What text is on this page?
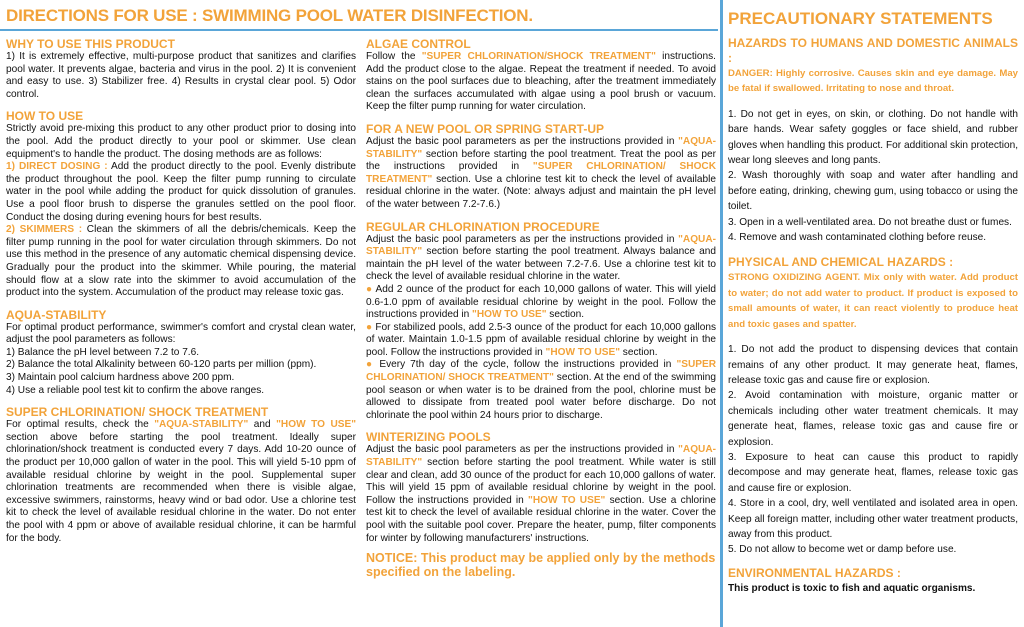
DIRECTIONS FOR USE : SWIMMING POOL WATER DISINFECTION.
WHY TO USE THIS PRODUCT

1) It is extremely effective, multi-purpose product that sanitizes and clarifies pool water. It prevents algae, bacteria and virus in the pool. 2) It is convenient and easy to use. 3) Stabilizer free. 4) Results in crystal clear pool. 5) Odor control.

HOW TO USE

Strictly avoid pre-mixing this product to any other product prior to dosing into the pool. Add the product directly to your pool or skimmer. Use clean equipment's to handle the product. The dosing methods are as follows:

1) DIRECT DOSING : Add the product directly to the pool. Evenly distribute the product throughout the pool. Keep the filter pump running to circulate water in the pool while adding the product for quick dissolution of granules. Use a pool floor brush to disperse the granules settled on the pool floor. Conduct the dosing during evening hours for best results.

2) SKIMMERS : Clean the skimmers of all the debris/chemicals. Keep the filter pump running in the pool for water circulation through skimmers. Do not use this method in the presence of any automatic chemical dispensing device. Gradually pour the product into the skimmer. While pouring, the material should flow at a slow rate into the skimmer to avoid accumulation of the product into the system. Accumulation of the product may release toxic gas.

AQUA-STABILITY

For optimal product performance, swimmer's comfort and crystal clean water, adjust the pool parameters as follows:

1) Balance the pH level between 7.2 to 7.6.

2) Balance the total Alkalinity between 60-120 parts per million (ppm).

3) Maintain pool calcium hardness above 200 ppm.

4) Use a reliable pool test kit to confirm the above ranges.

SUPER CHLORINATION/ SHOCK TREATMENT

For optimal results, check the "AQUA-STABILITY" and "HOW TO USE" section above before starting the pool treatment. Ideally super chlorination/shock treatment is conducted every 7 days. Add 10-20 ounce of the product per 10,000 gallon of water in the pool. This will yield 5-10 ppm of available residual chlorine by weight in the pool. Supplemental super chlorination treatments are recommended when there is visible algae, excessive swimmers, rainstorms, heavy wind or bad odor. Use a chlorine test kit to check the level of available residual chlorine in the water. Do not enter the pool with 4 ppm or above of available residual chlorine, it can be harmful for the body.

ALGAE CONTROL

Follow the "SUPER CHLORINATION/SHOCK TREATMENT" instructions. Add the product close to the algae. Repeat the treatment if needed. To avoid stains on the pool surfaces due to bleaching, after the treatment immediately clean the surfaces accumulated with algae using a pool brush or vacuum. Keep the filter pump running for water circulation.

FOR A NEW POOL OR SPRING START-UP

Adjust the basic pool parameters as per the instructions provided in "AQUA-STABILITY" section before starting the pool treatment. Treat the pool as per the instructions provided in "SUPER CHLORINATION/ SHOCK TREATMENT" section. Use a chlorine test kit to check the level of available residual chlorine in the water. (Note: always adjust and maintain the pH level of the water between 7.2-7.6.)

REGULAR CHLORINATION PROCEDURE

Adjust the basic pool parameters as per the instructions provided in "AQUA-STABILITY" section before starting the pool treatment. Always balance and maintain the pH level of the water between 7.2-7.6. Use a chlorine test kit to check the level of available residual chlorine in the water.

● Add 2 ounce of the product for each 10,000 gallons of water. This will yield 0.6-1.0 ppm of available residual chlorine by weight in the pool. Follow the instructions provided in "HOW TO USE" section.

● For stabilized pools, add 2.5-3 ounce of the product for each 10,000 gallons of water. Maintain 1.0-1.5 ppm of available residual chlorine by weight in the pool. Follow the instructions provided in "HOW TO USE" section.

● Every 7th day of the cycle, follow the instructions provided in "SUPER CHLORINATION/ SHOCK TREATMENT" section. At the end of the swimming pool season or when water is to be drained from the pool, chlorine must be allowed to dissipate from treated pool water before discharge. Do not chlorinate the pool within 24 hours prior to discharge.

WINTERIZING POOLS

Adjust the basic pool parameters as per the instructions provided in "AQUA-STABILITY" section before starting the pool treatment. While water is still clear and clean, add 30 ounce of the product for each 10,000 gallons of water. This will yield 15 ppm of available residual chlorine by weight in the pool. Follow the instructions provided in "HOW TO USE" section. Use a chlorine test kit to check the level of available residual chlorine in the water. Cover the pool with the suitable pool cover. Prepare the heater, pump, filter components for winter by following manufacturers' instructions.

NOTICE: This product may be applied only by the methods specified on the labeling.
PRECAUTIONARY STATEMENTS
HAZARDS TO HUMANS AND DOMESTIC ANIMALS :

DANGER: Highly corrosive. Causes skin and eye damage. May be fatal if swallowed. Irritating to nose and throat.

1. Do not get in eyes, on skin, or clothing. Do not handle with bare hands. Wear safety goggles or face shield, and rubber gloves when handling this product. For additional skin protection, wear long sleeves and long pants.

2. Wash thoroughly with soap and water after handling and before eating, drinking, chewing gum, using tobacco or using the toilet.

3. Open in a well-ventilated area. Do not breathe dust or fumes.

4. Remove and wash contaminated clothing before reuse.

PHYSICAL AND CHEMICAL HAZARDS :

STRONG OXIDIZING AGENT. Mix only with water. Add product to water; do not add water to product. If product is exposed to small amounts of water, it can react violently to produce heat and toxic gases and spatter.

1. Do not add the product to dispensing devices that contain remains of any other product. It may generate heat, flames, release toxic gas and cause fire or explosion.

2. Avoid contamination with moisture, organic matter or chemicals including other water treatment chemicals. It may generate heat, flames, release toxic gas and cause fire or explosion.

3. Exposure to heat can cause this product to rapidly decompose and may generate heat, flames, release toxic gas and cause fire or explosion.

4. Store in a cool, dry, well ventilated and isolated area in open. Keep all foreign matter, including other water treatment products, away from this product.

5. Do not allow to become wet or damp before use.

ENVIRONMENTAL HAZARDS :

This product is toxic to fish and aquatic organisms.
